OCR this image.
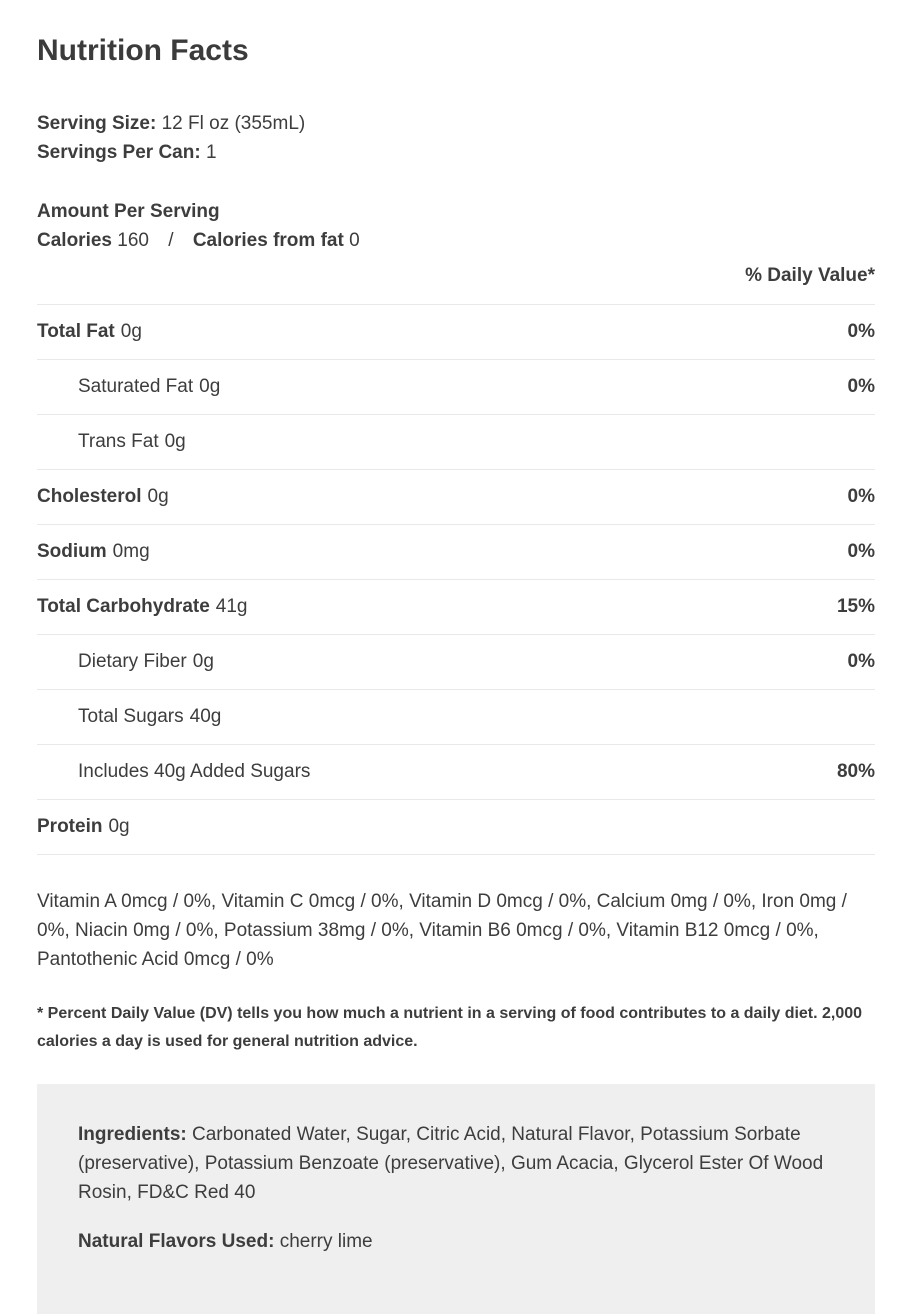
Nutrition Facts

Serving Size: 12 Fl oz (355mL)

Servings Per Can: 1

Amount Per Serving

Calories 160 / Calories from fat 0

% Daily Value*
Total Fat 0g	0%
Saturated Fat 0g	0%
Trans Fat 0g
Cholesterol 0g	0%
Sodium 0mg	0%
Total Carbohydrate 41g	15%
Dietary Fiber 0g	0%
Total Sugars 40g
Includes 40g Added Sugars	80%
Protein 0g

Vitamin A 0mcg / 0%, Vitamin C 0mcg / 0%, Vitamin D 0mcg / 0%, Calcium 0mg / 0%, Iron 0mg / 0%, Niacin 0mg / 0%, Potassium 38mg / 0%, Vitamin B6 0mcg / 0%, Vitamin B12 0mcg / 0%, Pantothenic Acid 0mcg / 0%

* Percent Daily Value (DV) tells you how much a nutrient in a serving of food contributes to a daily diet. 2,000 calories a day is used for general nutrition advice.

Ingredients: Carbonated Water, Sugar, Citric Acid, Natural Flavor, Potassium Sorbate (preservative), Potassium Benzoate (preservative), Gum Acacia, Glycerol Ester Of Wood Rosin, FD&C Red 40

Natural Flavors Used: cherry lime
